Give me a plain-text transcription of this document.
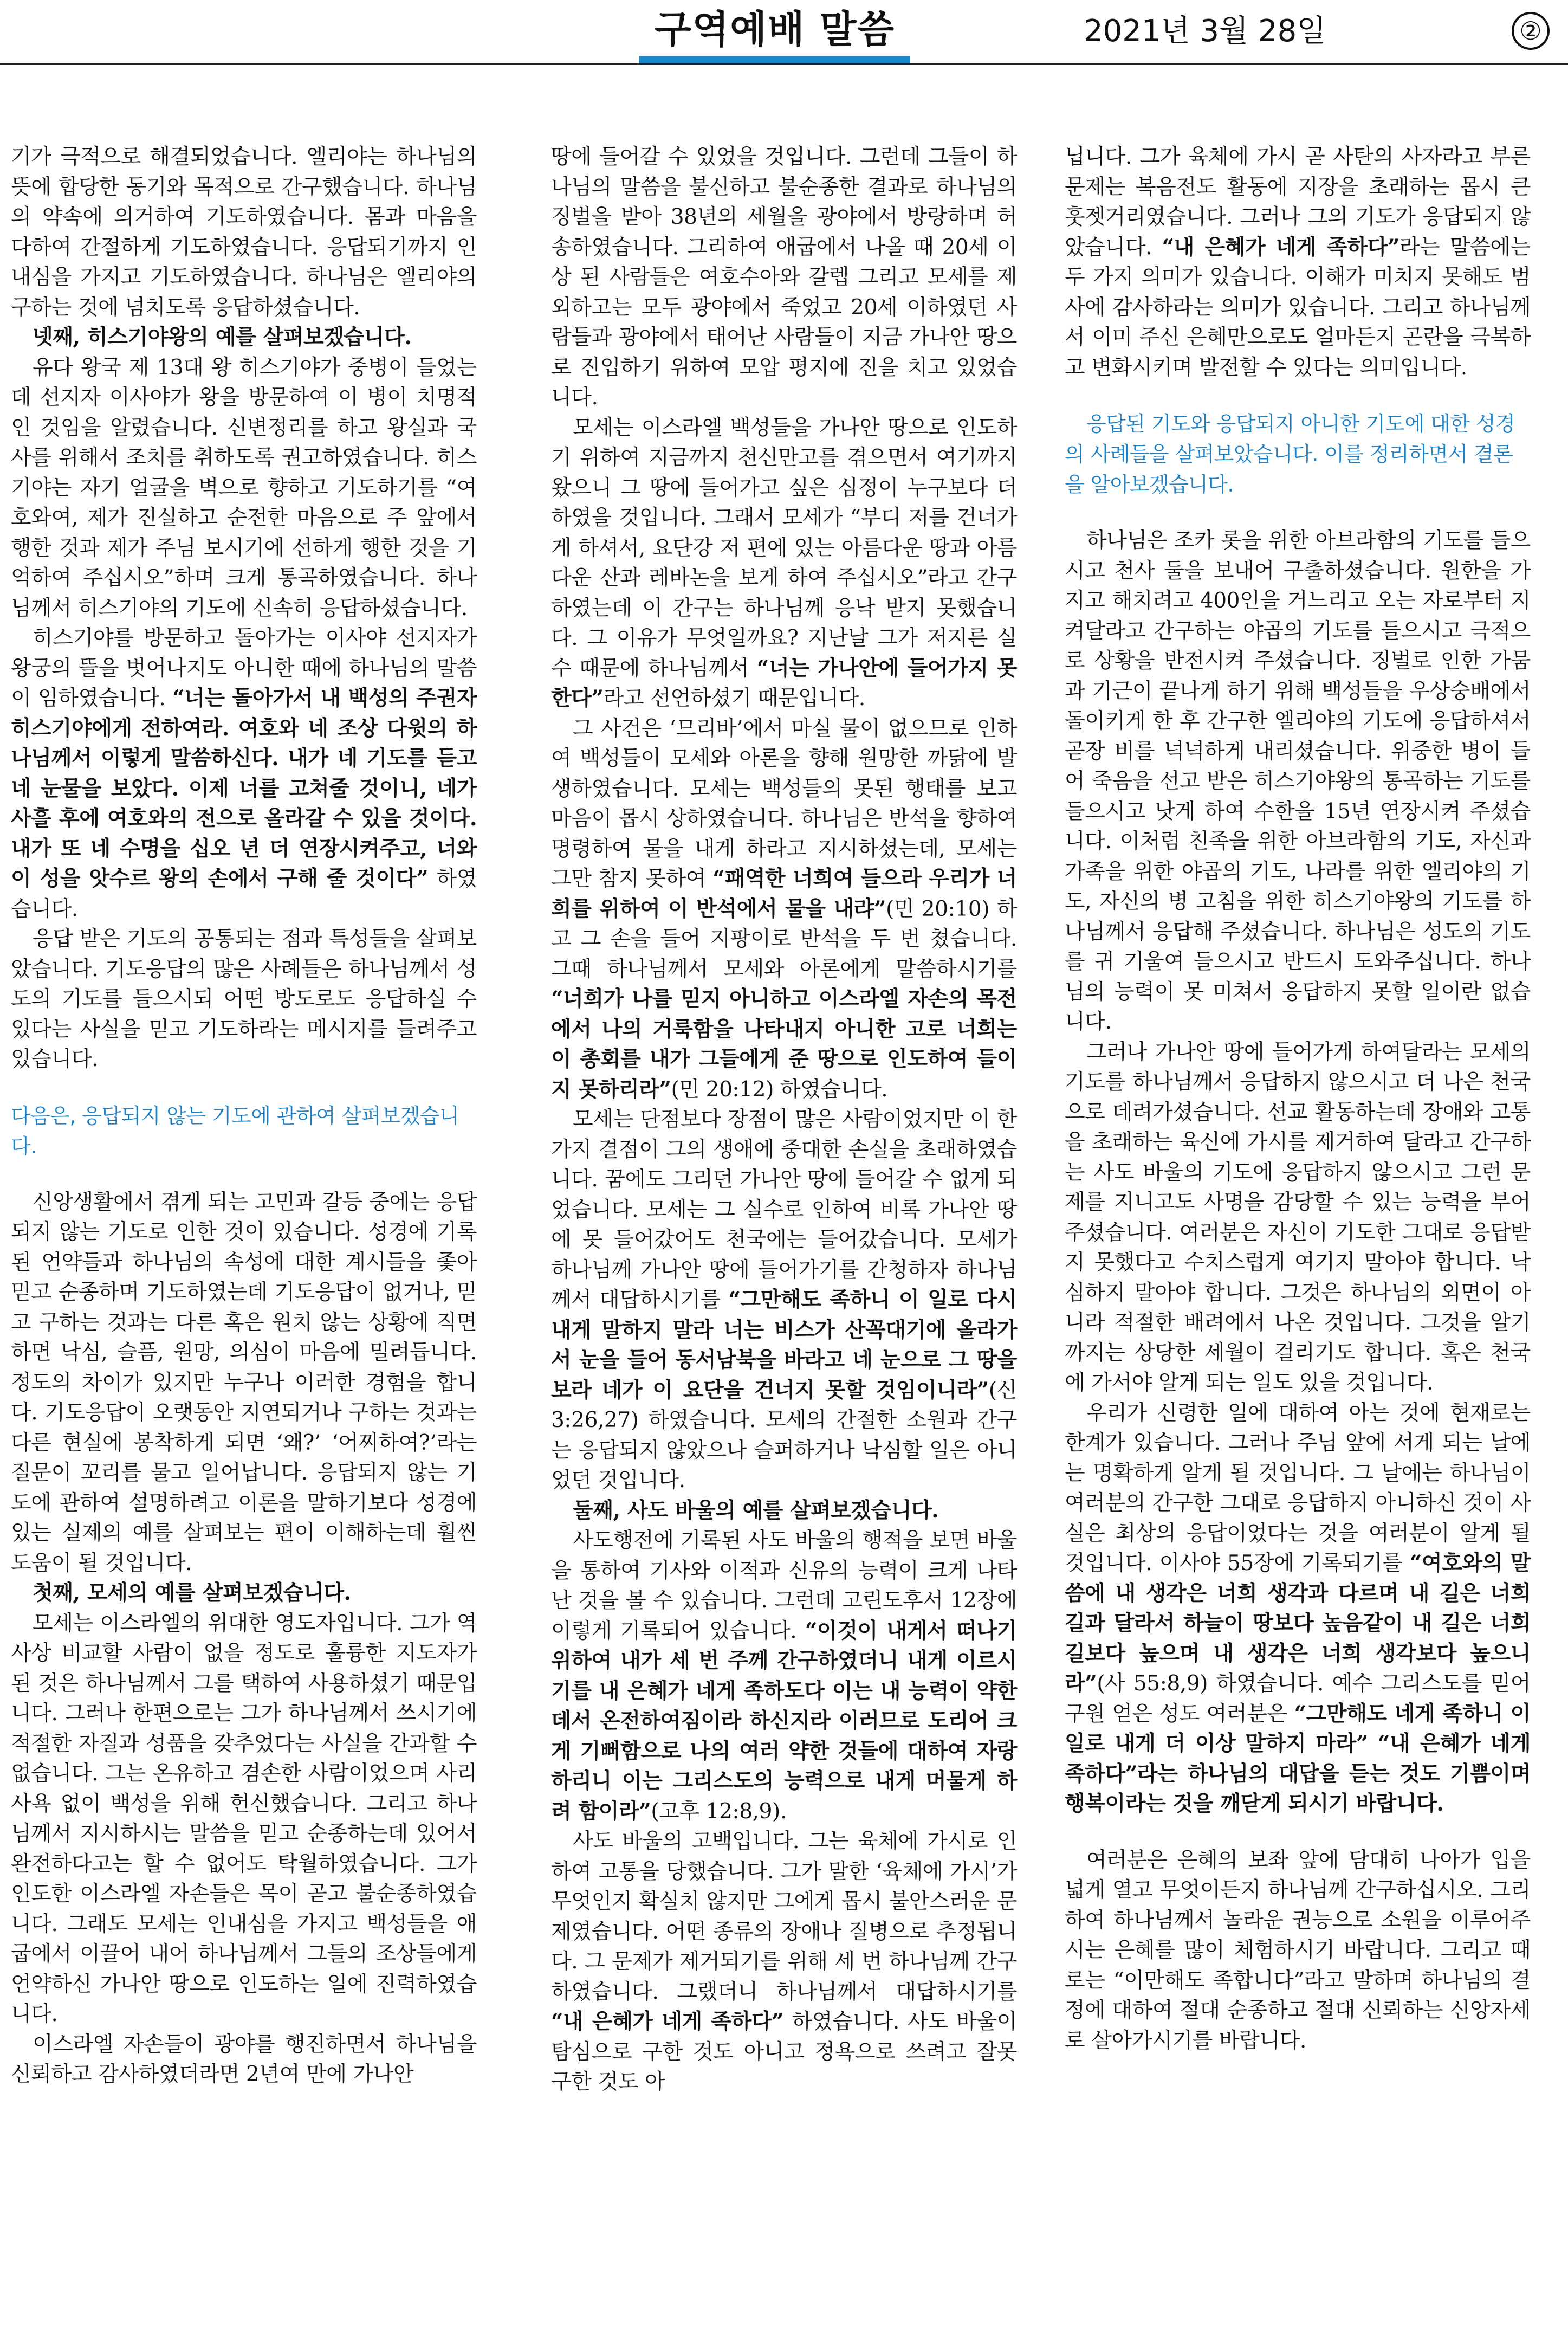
구역예배 말씀	2021년 3월 28일	②

기가 극적으로 해결되었습니다. 엘리야는 하나님의 뜻에 합당한 동기와 목적으로 간구했습니다. 하나님의 약속에 의거하여 기도하였습니다. 몸과 마음을 다하여 간절하게 기도하였습니다. 응답되기까지 인내심을 가지고 기도하였습니다. 하나님은 엘리야의 구하는 것에 넘치도록 응답하셨습니다.

넷째, 히스기야왕의 예를 살펴보겠습니다.

유다 왕국 제 13대 왕 히스기야가 중병이 들었는데 선지자 이사야가 왕을 방문하여 이 병이 치명적인 것임을 알렸습니다. 신변정리를 하고 왕실과 국사를 위해서 조치를 취하도록 권고하였습니다. 히스기야는 자기 얼굴을 벽으로 향하고 기도하기를 “여호와여, 제가 진실하고 순전한 마음으로 주 앞에서 행한 것과 제가 주님 보시기에 선하게 행한 것을 기억하여 주십시오”하며 크게 통곡하였습니다. 하나님께서 히스기야의 기도에 신속히 응답하셨습니다.

히스기야를 방문하고 돌아가는 이사야 선지자가 왕궁의 뜰을 벗어나지도 아니한 때에 하나님의 말씀이 임하였습니다. “너는 돌아가서 내 백성의 주권자 히스기야에게 전하여라. 여호와 네 조상 다윗의 하나님께서 이렇게 말씀하신다. 내가 네 기도를 듣고 네 눈물을 보았다. 이제 너를 고쳐줄 것이니, 네가 사흘 후에 여호와의 전으로 올라갈 수 있을 것이다. 내가 또 네 수명을 십오 년 더 연장시켜주고, 너와 이 성을 앗수르 왕의 손에서 구해 줄 것이다” 하였습니다.

응답 받은 기도의 공통되는 점과 특성들을 살펴보았습니다. 기도응답의 많은 사례들은 하나님께서 성도의 기도를 들으시되 어떤 방도로도 응답하실 수 있다는 사실을 믿고 기도하라는 메시지를 들려주고 있습니다.

다음은, 응답되지 않는 기도에 관하여 살펴보겠습니다.

신앙생활에서 겪게 되는 고민과 갈등 중에는 응답되지 않는 기도로 인한 것이 있습니다. 성경에 기록된 언약들과 하나님의 속성에 대한 계시들을 좇아 믿고 순종하며 기도하였는데 기도응답이 없거나, 믿고 구하는 것과는 다른 혹은 원치 않는 상황에 직면하면 낙심, 슬픔, 원망, 의심이 마음에 밀려듭니다. 정도의 차이가 있지만 누구나 이러한 경험을 합니다. 기도응답이 오랫동안 지연되거나 구하는 것과는 다른 현실에 봉착하게 되면 ‘왜?’ ‘어찌하여?’라는 질문이 꼬리를 물고 일어납니다. 응답되지 않는 기도에 관하여 설명하려고 이론을 말하기보다 성경에 있는 실제의 예를 살펴보는 편이 이해하는데 훨씬 도움이 될 것입니다.

첫째, 모세의 예를 살펴보겠습니다.

모세는 이스라엘의 위대한 영도자입니다. 그가 역사상 비교할 사람이 없을 정도로 훌륭한 지도자가 된 것은 하나님께서 그를 택하여 사용하셨기 때문입니다. 그러나 한편으로는 그가 하나님께서 쓰시기에 적절한 자질과 성품을 갖추었다는 사실을 간과할 수 없습니다. 그는 온유하고 겸손한 사람이었으며 사리사욕 없이 백성을 위해 헌신했습니다. 그리고 하나님께서 지시하시는 말씀을 믿고 순종하는데 있어서 완전하다고는 할 수 없어도 탁월하였습니다. 그가 인도한 이스라엘 자손들은 목이 곧고 불순종하였습니다. 그래도 모세는 인내심을 가지고 백성들을 애굽에서 이끌어 내어 하나님께서 그들의 조상들에게 언약하신 가나안 땅으로 인도하는 일에 진력하였습니다.

이스라엘 자손들이 광야를 행진하면서 하나님을 신뢰하고 감사하였더라면 2년여 만에 가나안

땅에 들어갈 수 있었을 것입니다. 그런데 그들이 하나님의 말씀을 불신하고 불순종한 결과로 하나님의 징벌을 받아 38년의 세월을 광야에서 방랑하며 허송하였습니다. 그리하여 애굽에서 나올 때 20세 이상 된 사람들은 여호수아와 갈렙 그리고 모세를 제외하고는 모두 광야에서 죽었고 20세 이하였던 사람들과 광야에서 태어난 사람들이 지금 가나안 땅으로 진입하기 위하여 모압 평지에 진을 치고 있었습니다.

모세는 이스라엘 백성들을 가나안 땅으로 인도하기 위하여 지금까지 천신만고를 겪으면서 여기까지 왔으니 그 땅에 들어가고 싶은 심정이 누구보다 더하였을 것입니다. 그래서 모세가 “부디 저를 건너가게 하셔서, 요단강 저 편에 있는 아름다운 땅과 아름다운 산과 레바논을 보게 하여 주십시오”라고 간구하였는데 이 간구는 하나님께 응낙 받지 못했습니다. 그 이유가 무엇일까요? 지난날 그가 저지른 실수 때문에 하나님께서 “너는 가나안에 들어가지 못한다”라고 선언하셨기 때문입니다.

그 사건은 ‘므리바’에서 마실 물이 없으므로 인하여 백성들이 모세와 아론을 향해 원망한 까닭에 발생하였습니다. 모세는 백성들의 못된 행태를 보고 마음이 몹시 상하였습니다. 하나님은 반석을 향하여 명령하여 물을 내게 하라고 지시하셨는데, 모세는 그만 참지 못하여 “패역한 너희여 들으라 우리가 너희를 위하여 이 반석에서 물을 내랴”(민 20:10) 하고 그 손을 들어 지팡이로 반석을 두 번 쳤습니다. 그때 하나님께서 모세와 아론에게 말씀하시기를 “너희가 나를 믿지 아니하고 이스라엘 자손의 목전에서 나의 거룩함을 나타내지 아니한 고로 너희는 이 총회를 내가 그들에게 준 땅으로 인도하여 들이지 못하리라”(민 20:12) 하였습니다.

모세는 단점보다 장점이 많은 사람이었지만 이 한 가지 결점이 그의 생애에 중대한 손실을 초래하였습니다. 꿈에도 그리던 가나안 땅에 들어갈 수 없게 되었습니다. 모세는 그 실수로 인하여 비록 가나안 땅에 못 들어갔어도 천국에는 들어갔습니다. 모세가 하나님께 가나안 땅에 들어가기를 간청하자 하나님께서 대답하시기를 “그만해도 족하니 이 일로 다시 내게 말하지 말라 너는 비스가 산꼭대기에 올라가서 눈을 들어 동서남북을 바라고 네 눈으로 그 땅을 보라 네가 이 요단을 건너지 못할 것임이니라”(신 3:26,27) 하였습니다. 모세의 간절한 소원과 간구는 응답되지 않았으나 슬퍼하거나 낙심할 일은 아니었던 것입니다.

둘째, 사도 바울의 예를 살펴보겠습니다.

사도행전에 기록된 사도 바울의 행적을 보면 바울을 통하여 기사와 이적과 신유의 능력이 크게 나타난 것을 볼 수 있습니다. 그런데 고린도후서 12장에 이렇게 기록되어 있습니다. “이것이 내게서 떠나기 위하여 내가 세 번 주께 간구하였더니 내게 이르시기를 내 은혜가 네게 족하도다 이는 내 능력이 약한 데서 온전하여짐이라 하신지라 이러므로 도리어 크게 기뻐함으로 나의 여러 약한 것들에 대하여 자랑하리니 이는 그리스도의 능력으로 내게 머물게 하려 함이라”(고후 12:8,9).

사도 바울의 고백입니다. 그는 육체에 가시로 인하여 고통을 당했습니다. 그가 말한 ‘육체에 가시’가 무엇인지 확실치 않지만 그에게 몹시 불안스러운 문제였습니다. 어떤 종류의 장애나 질병으로 추정됩니다. 그 문제가 제거되기를 위해 세 번 하나님께 간구하였습니다. 그랬더니 하나님께서 대답하시기를 “내 은혜가 네게 족하다” 하였습니다. 사도 바울이 탐심으로 구한 것도 아니고 정욕으로 쓰려고 잘못 구한 것도 아

닙니다. 그가 육체에 가시 곧 사탄의 사자라고 부른 문제는 복음전도 활동에 지장을 초래하는 몹시 큰 훗젯거리였습니다. 그러나 그의 기도가 응답되지 않았습니다. “내 은혜가 네게 족하다”라는 말씀에는 두 가지 의미가 있습니다. 이해가 미치지 못해도 범사에 감사하라는 의미가 있습니다. 그리고 하나님께서 이미 주신 은혜만으로도 얼마든지 곤란을 극복하고 변화시키며 발전할 수 있다는 의미입니다.

응답된 기도와 응답되지 아니한 기도에 대한 성경의 사례들을 살펴보았습니다. 이를 정리하면서 결론을 알아보겠습니다.

하나님은 조카 롯을 위한 아브라함의 기도를 들으시고 천사 둘을 보내어 구출하셨습니다. 원한을 가지고 해치려고 400인을 거느리고 오는 자로부터 지켜달라고 간구하는 야곱의 기도를 들으시고 극적으로 상황을 반전시켜 주셨습니다. 징벌로 인한 가뭄과 기근이 끝나게 하기 위해 백성들을 우상숭배에서 돌이키게 한 후 간구한 엘리야의 기도에 응답하셔서 곧장 비를 넉넉하게 내리셨습니다. 위중한 병이 들어 죽음을 선고 받은 히스기야왕의 통곡하는 기도를 들으시고 낫게 하여 수한을 15년 연장시켜 주셨습니다. 이처럼 친족을 위한 아브라함의 기도, 자신과 가족을 위한 야곱의 기도, 나라를 위한 엘리야의 기도, 자신의 병 고침을 위한 히스기야왕의 기도를 하나님께서 응답해 주셨습니다. 하나님은 성도의 기도를 귀 기울여 들으시고 반드시 도와주십니다. 하나님의 능력이 못 미쳐서 응답하지 못할 일이란 없습니다.

그러나 가나안 땅에 들어가게 하여달라는 모세의 기도를 하나님께서 응답하지 않으시고 더 나은 천국으로 데려가셨습니다. 선교 활동하는데 장애와 고통을 초래하는 육신에 가시를 제거하여 달라고 간구하는 사도 바울의 기도에 응답하지 않으시고 그런 문제를 지니고도 사명을 감당할 수 있는 능력을 부어주셨습니다. 여러분은 자신이 기도한 그대로 응답받지 못했다고 수치스럽게 여기지 말아야 합니다. 낙심하지 말아야 합니다. 그것은 하나님의 외면이 아니라 적절한 배려에서 나온 것입니다. 그것을 알기까지는 상당한 세월이 걸리기도 합니다. 혹은 천국에 가서야 알게 되는 일도 있을 것입니다.

우리가 신령한 일에 대하여 아는 것에 현재로는 한계가 있습니다. 그러나 주님 앞에 서게 되는 날에는 명확하게 알게 될 것입니다. 그 날에는 하나님이 여러분의 간구한 그대로 응답하지 아니하신 것이 사실은 최상의 응답이었다는 것을 여러분이 알게 될 것입니다. 이사야 55장에 기록되기를 “여호와의 말씀에 내 생각은 너희 생각과 다르며 내 길은 너희 길과 달라서 하늘이 땅보다 높음같이 내 길은 너희 길보다 높으며 내 생각은 너희 생각보다 높으니라”(사 55:8,9) 하였습니다. 예수 그리스도를 믿어 구원 얻은 성도 여러분은 “그만해도 네게 족하니 이 일로 내게 더 이상 말하지 마라” “내 은혜가 네게 족하다”라는 하나님의 대답을 듣는 것도 기쁨이며 행복이라는 것을 깨닫게 되시기 바랍니다.

여러분은 은혜의 보좌 앞에 담대히 나아가 입을 넓게 열고 무엇이든지 하나님께 간구하십시오. 그리하여 하나님께서 놀라운 권능으로 소원을 이루어주시는 은혜를 많이 체험하시기 바랍니다. 그리고 때로는 “이만해도 족합니다”라고 말하며 하나님의 결정에 대하여 절대 순종하고 절대 신뢰하는 신앙자세로 살아가시기를 바랍니다.
